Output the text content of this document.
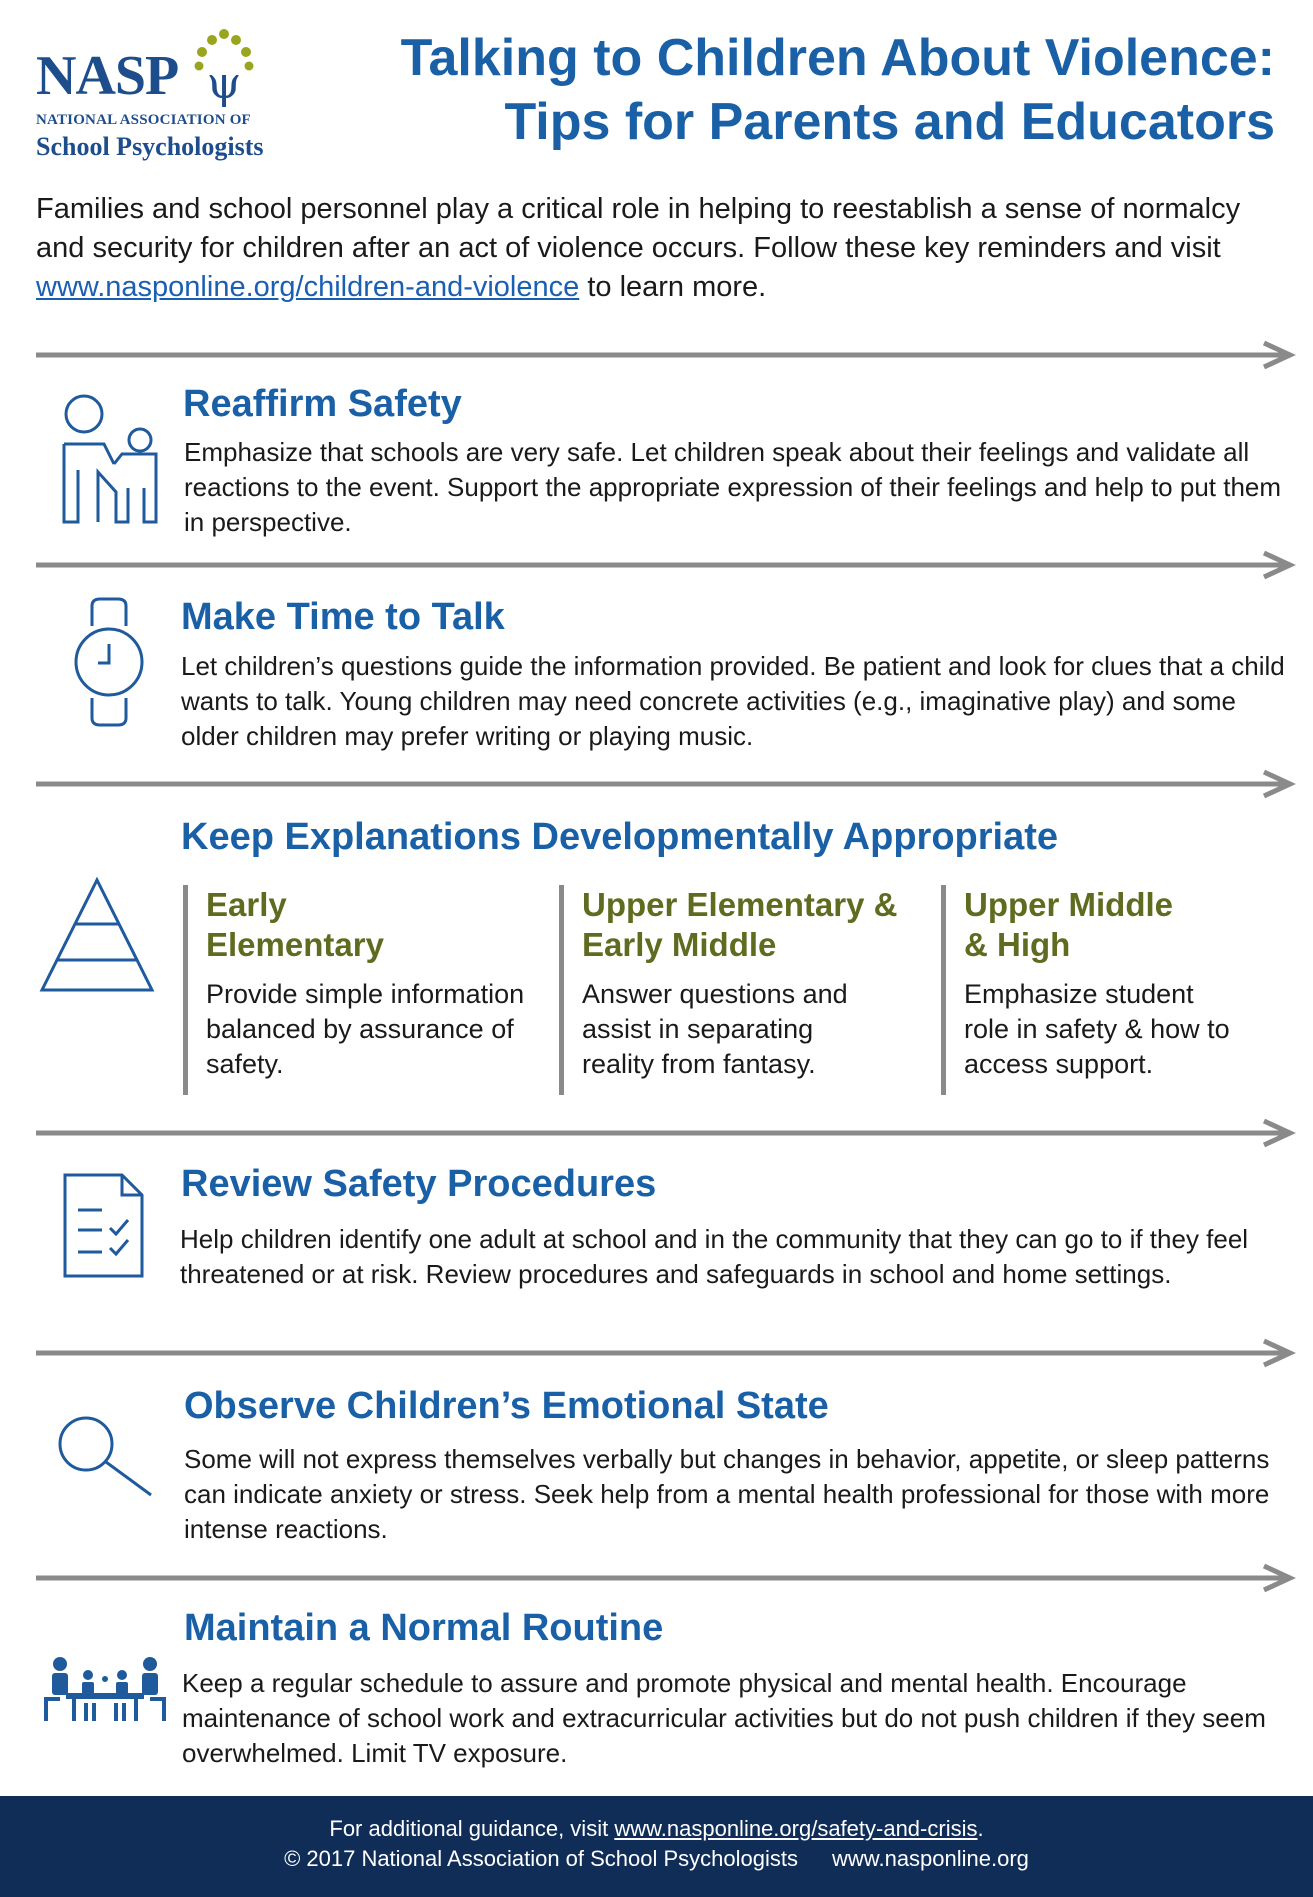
NASP ψ
NATIONAL ASSOCIATION OF
School Psychologists
Talking to Children About Violence:
Tips for Parents and Educators
Families and school personnel play a critical role in helping to reestablish a sense of normalcy and security for children after an act of violence occurs. Follow these key reminders and visit www.nasponline.org/children-and-violence to learn more.
Reaffirm Safety
Emphasize that schools are very safe. Let children speak about their feelings and validate all reactions to the event. Support the appropriate expression of their feelings and help to put them in perspective.
Make Time to Talk
Let children’s questions guide the information provided. Be patient and look for clues that a child wants to talk. Young children may need concrete activities (e.g., imaginative play) and some older children may prefer writing or playing music.
Keep Explanations Developmentally Appropriate
Early Elementary
Provide simple information balanced by assurance of safety.
Upper Elementary & Early Middle
Answer questions and assist in separating reality from fantasy.
Upper Middle & High
Emphasize student role in safety & how to access support.
Review Safety Procedures
Help children identify one adult at school and in the community that they can go to if they feel threatened or at risk. Review procedures and safeguards in school and home settings.
Observe Children’s Emotional State
Some will not express themselves verbally but changes in behavior, appetite, or sleep patterns can indicate anxiety or stress. Seek help from a mental health professional for those with more intense reactions.
Maintain a Normal Routine
Keep a regular schedule to assure and promote physical and mental health. Encourage maintenance of school work and extracurricular activities but do not push children if they seem overwhelmed. Limit TV exposure.
For additional guidance, visit www.nasponline.org/safety-and-crisis.
© 2017 National Association of School Psychologists www.nasponline.org
